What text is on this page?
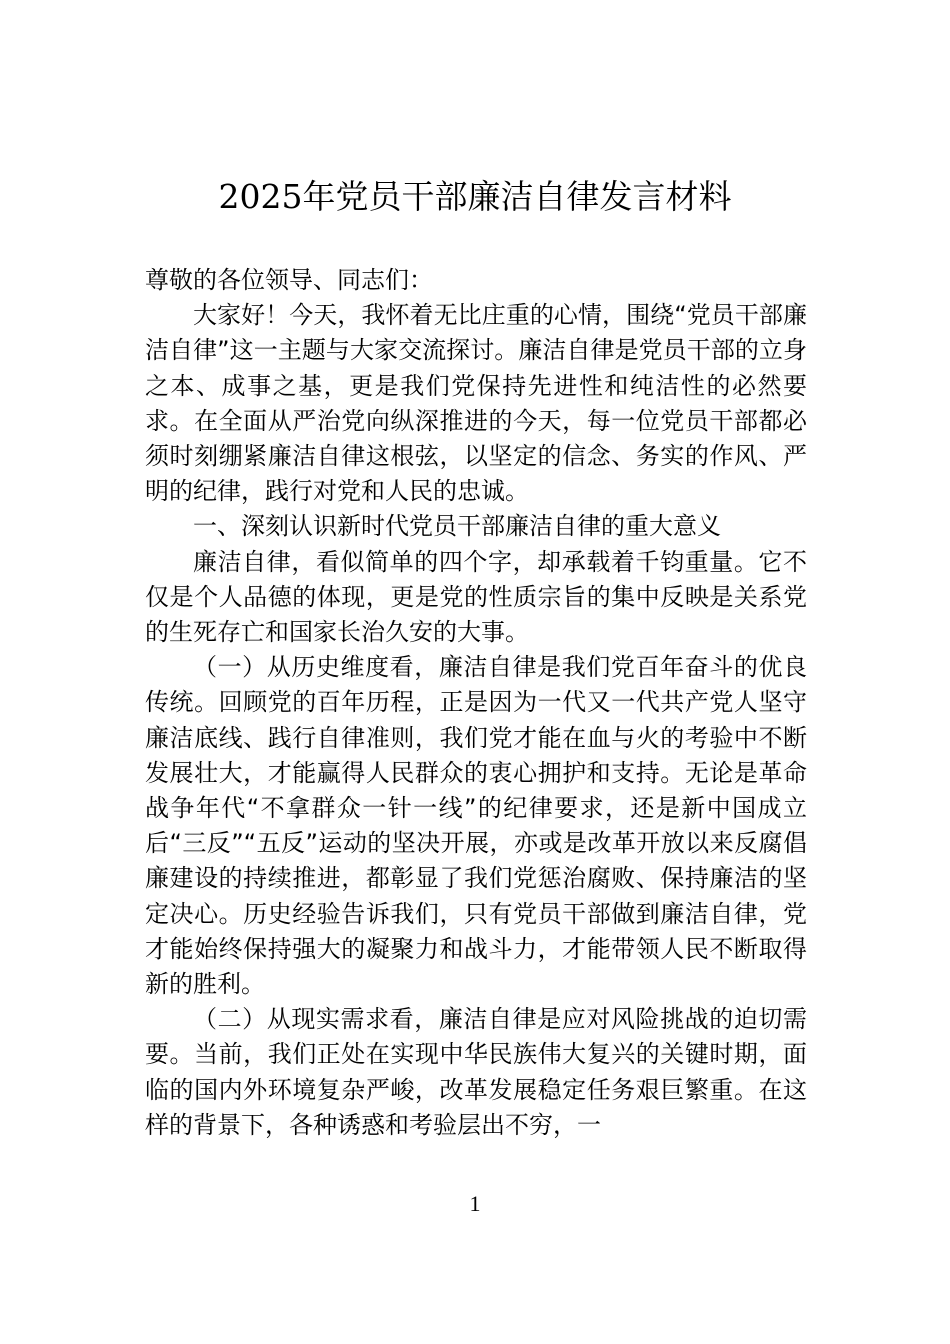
2025年党员干部廉洁自律发言材料

尊敬的各位领导、同志们：

大家好！今天，我怀着无比庄重的心情，围绕“党员干部廉洁自律”这一主题与大家交流探讨。廉洁自律是党员干部的立身之本、成事之基，更是我们党保持先进性和纯洁性的必然要求。在全面从严治党向纵深推进的今天，每一位党员干部都必须时刻绷紧廉洁自律这根弦，以坚定的信念、务实的作风、严明的纪律，践行对党和人民的忠诚。

一、深刻认识新时代党员干部廉洁自律的重大意义

廉洁自律，看似简单的四个字，却承载着千钧重量。它不仅是个人品德的体现，更是党的性质宗旨的集中反映是关系党的生死存亡和国家长治久安的大事。

（一）从历史维度看，廉洁自律是我们党百年奋斗的优良传统。回顾党的百年历程，正是因为一代又一代共产党人坚守廉洁底线、践行自律准则，我们党才能在血与火的考验中不断发展壮大，才能赢得人民群众的衷心拥护和支持。无论是革命战争年代“不拿群众一针一线”的纪律要求，还是新中国成立后“三反”“五反”运动的坚决开展，亦或是改革开放以来反腐倡廉建设的持续推进，都彰显了我们党惩治腐败、保持廉洁的坚定决心。历史经验告诉我们，只有党员干部做到廉洁自律，党才能始终保持强大的凝聚力和战斗力，才能带领人民不断取得新的胜利。

（二）从现实需求看，廉洁自律是应对风险挑战的迫切需要。当前，我们正处在实现中华民族伟大复兴的关键时期，面临的国内外环境复杂严峻，改革发展稳定任务艰巨繁重。在这样的背景下，各种诱惑和考验层出不穷，一

1
